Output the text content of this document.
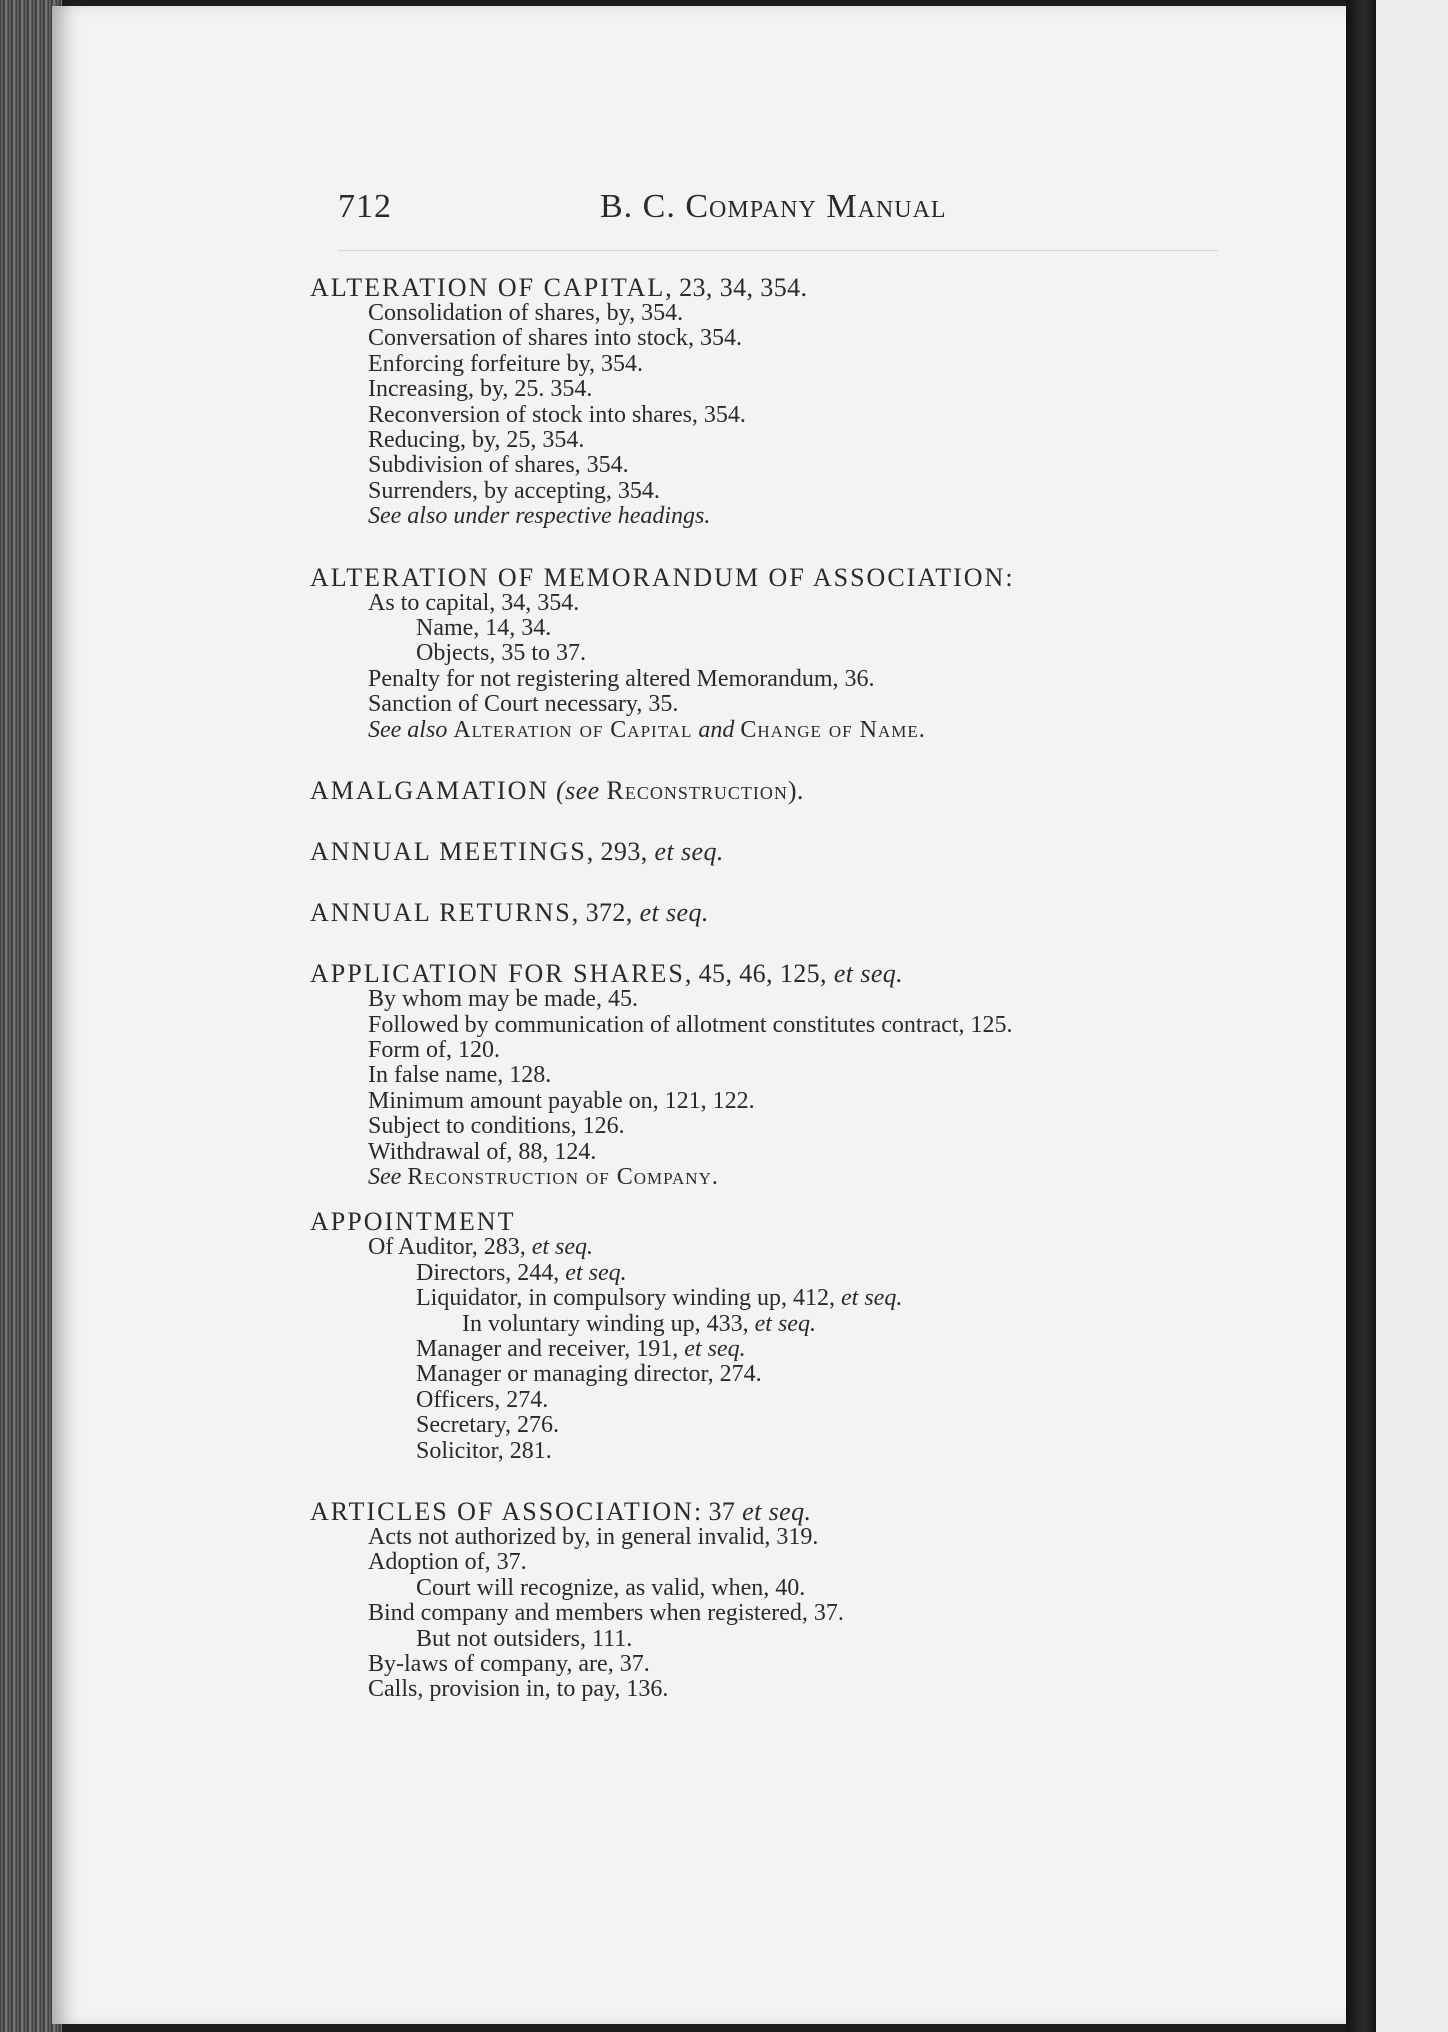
712	B. C. Company Manual
ALTERATION OF CAPITAL, 23, 34, 354.
Consolidation of shares, by, 354.
Conversation of shares into stock, 354.
Enforcing forfeiture by, 354.
Increasing, by, 25. 354.
Reconversion of stock into shares, 354.
Reducing, by, 25, 354.
Subdivision of shares, 354.
Surrenders, by accepting, 354.
See also under respective headings.
ALTERATION OF MEMORANDUM OF ASSOCIATION:
As to capital, 34, 354.
Name, 14, 34.
Objects, 35 to 37.
Penalty for not registering altered Memorandum, 36.
Sanction of Court necessary, 35.
See also Alteration of Capital and Change of Name.
AMALGAMATION (see Reconstruction).
ANNUAL MEETINGS, 293, et seq.
ANNUAL RETURNS, 372, et seq.
APPLICATION FOR SHARES, 45, 46, 125, et seq.
By whom may be made, 45.
Followed by communication of allotment constitutes contract, 125.
Form of, 120.
In false name, 128.
Minimum amount payable on, 121, 122.
Subject to conditions, 126.
Withdrawal of, 88, 124.
See Reconstruction of Company.
APPOINTMENT
Of Auditor, 283, et seq.
Directors, 244, et seq.
Liquidator, in compulsory winding up, 412, et seq.
In voluntary winding up, 433, et seq.
Manager and receiver, 191, et seq.
Manager or managing director, 274.
Officers, 274.
Secretary, 276.
Solicitor, 281.
ARTICLES OF ASSOCIATION: 37 et seq.
Acts not authorized by, in general invalid, 319.
Adoption of, 37.
Court will recognize, as valid, when, 40.
Bind company and members when registered, 37.
But not outsiders, 111.
By-laws of company, are, 37.
Calls, provision in, to pay, 136.
